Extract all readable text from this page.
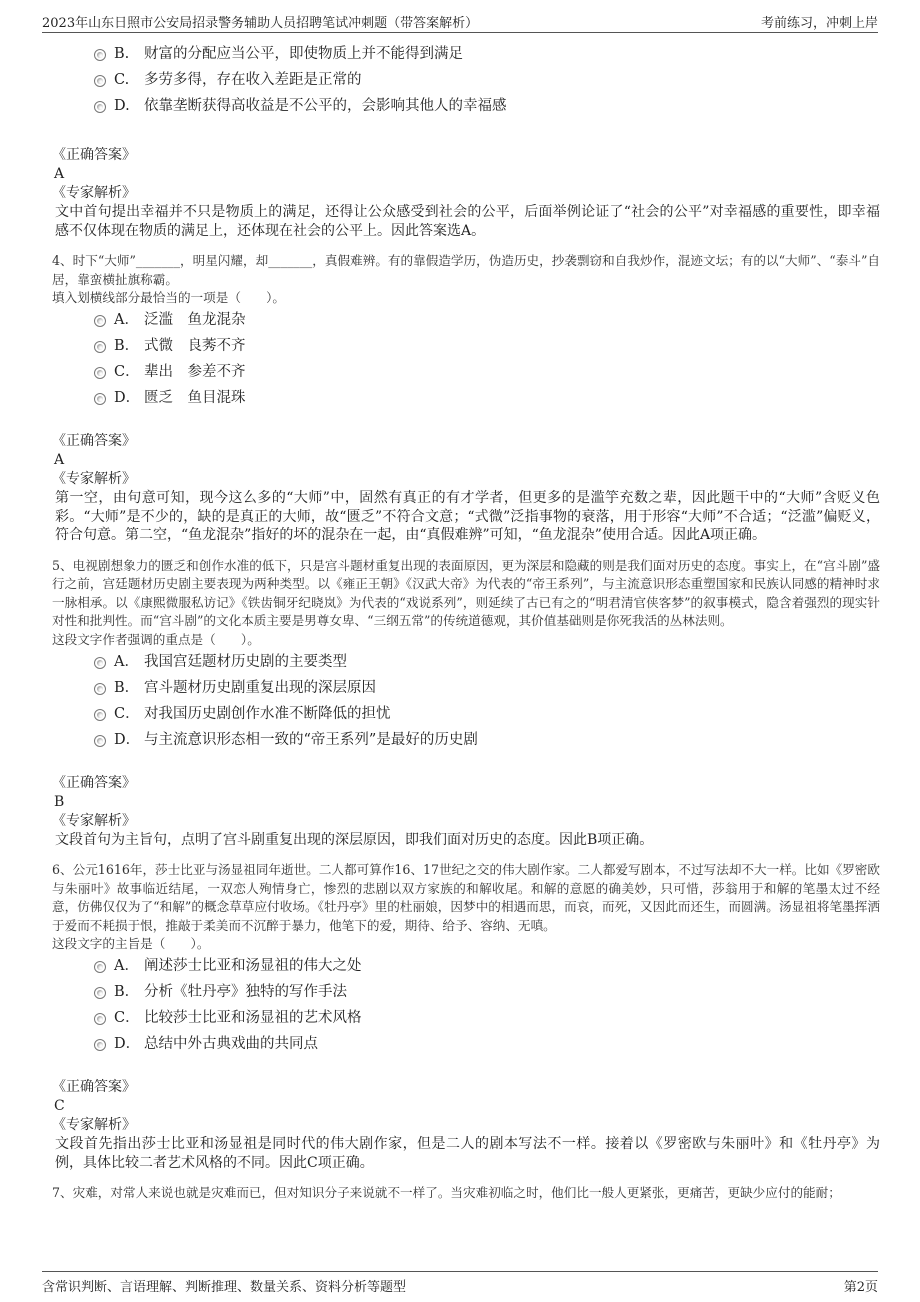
2023年山东日照市公安局招录警务辅助人员招聘笔试冲刺题（带答案解析）	考前练习，冲刺上岸
B. 财富的分配应当公平，即使物质上并不能得到满足
C. 多劳多得，存在收入差距是正常的
D. 依靠垄断获得高收益是不公平的，会影响其他人的幸福感
《正确答案》
A
《专家解析》
文中首句提出幸福并不只是物质上的满足，还得让公众感受到社会的公平，后面举例论证了“社会的公平”对幸福感的重要性，即幸福感不仅体现在物质的满足上，还体现在社会的公平上。因此答案选A。
4、时下“大师”_______，明星闪耀，却_______，真假难辨。有的靠假造学历，伪造历史，抄袭剽窃和自我炒作，混迹文坛；有的以“大师”、“泰斗”自居，靠蛮横扯旗称霸。
填入划横线部分最恰当的一项是（　　）。
A． 泛滥　鱼龙混杂
B． 式微　良莠不齐
C． 辈出　参差不齐
D． 匮乏　鱼目混珠
《正确答案》
A
《专家解析》
第一空，由句意可知，现今这么多的“大师”中，固然有真正的有才学者，但更多的是滥竽充数之辈，因此题干中的“大师”含贬义色彩。“大师”是不少的，缺的是真正的大师，故“匮乏”不符合文意；“式微”泛指事物的衰落，用于形容“大师”不合适；“泛滥”偏贬义，符合句意。第二空，“鱼龙混杂”指好的坏的混杂在一起，由“真假难辨”可知，“鱼龙混杂”使用合适。因此A项正确。
5、电视剧想象力的匮乏和创作水准的低下，只是宫斗题材重复出现的表面原因，更为深层和隐藏的则是我们面对历史的态度。事实上，在“宫斗剧”盛行之前，宫廷题材历史剧主要表现为两种类型。以《雍正王朝》《汉武大帝》为代表的“帝王系列”，与主流意识形态重塑国家和民族认同感的精神时求一脉相承。以《康熙微服私访记》《铁齿铜牙纪晓岚》为代表的“戏说系列”，则延续了古已有之的“明君清官侠客梦”的叙事模式，隐含着强烈的现实针对性和批判性。而“宫斗剧”的文化本质主要是男尊女卑、“三纲五常”的传统道德观，其价值基础则是你死我活的丛林法则。
这段文字作者强调的重点是（　　）。
A． 我国宫廷题材历史剧的主要类型
B． 宫斗题材历史剧重复出现的深层原因
C． 对我国历史剧创作水准不断降低的担忧
D． 与主流意识形态相一致的“帝王系列”是最好的历史剧
《正确答案》
B
《专家解析》
文段首句为主旨句，点明了宫斗剧重复出现的深层原因，即我们面对历史的态度。因此B项正确。
6、公元1616年，莎士比亚与汤显祖同年逝世。二人都可算作16、17世纪之交的伟大剧作家。二人都爱写剧本，不过写法却不大一样。比如《罗密欧与朱丽叶》故事临近结尾，一双恋人殉情身亡，惨烈的悲剧以双方家族的和解收尾。和解的意愿的确美妙，只可惜，莎翁用于和解的笔墨太过不经意，仿佛仅仅为了“和解”的概念草草应付收场。《牡丹亭》里的杜丽娘，因梦中的相遇而思，而哀，而死，又因此而还生，而圆满。汤显祖将笔墨挥洒于爱而不耗损于恨，推敲于柔美而不沉醉于暴力，他笔下的爱，期待、给予、容纳、无嗔。
这段文字的主旨是（　　）。
A． 阐述莎士比亚和汤显祖的伟大之处
B． 分析《牡丹亭》独特的写作手法
C． 比较莎士比亚和汤显祖的艺术风格
D． 总结中外古典戏曲的共同点
《正确答案》
C
《专家解析》
文段首先指出莎士比亚和汤显祖是同时代的伟大剧作家，但是二人的剧本写法不一样。接着以《罗密欧与朱丽叶》和《牡丹亭》为例，具体比较二者艺术风格的不同。因此C项正确。
7、灾难，对常人来说也就是灾难而已，但对知识分子来说就不一样了。当灾难初临之时，他们比一般人更紧张，更痛苦，更缺少应付的能耐；
含常识判断、言语理解、判断推理、数量关系、资料分析等题型	第2页
